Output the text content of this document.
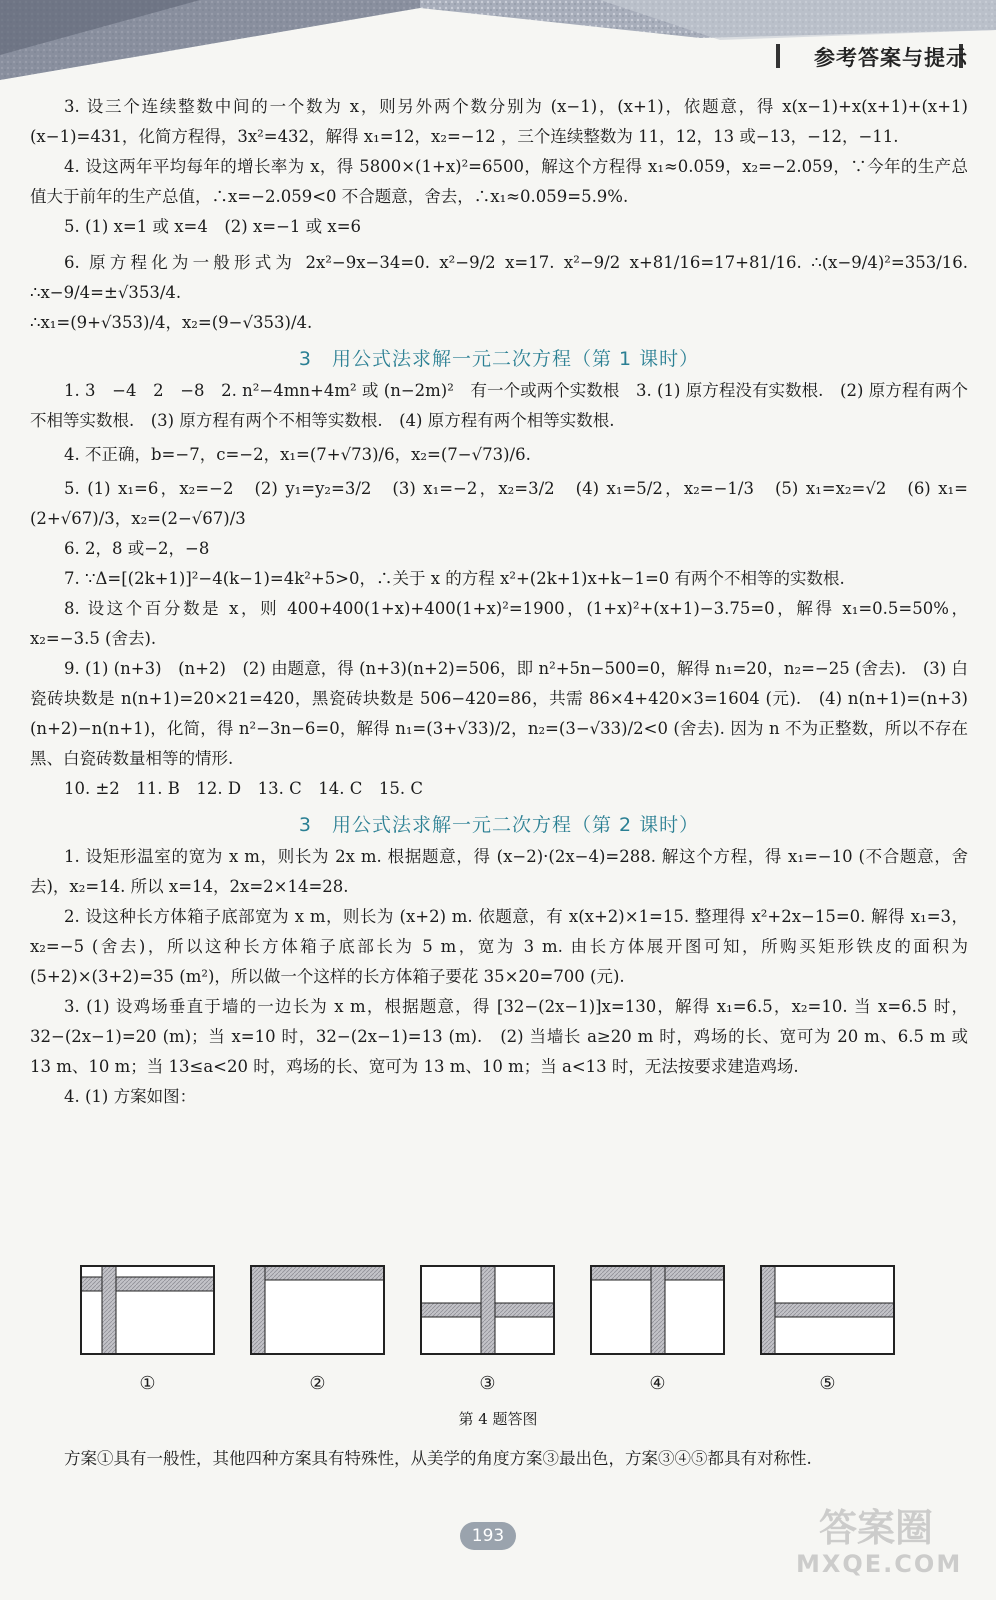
参考答案与提示

3. 设三个连续整数中间的一个数为 x，则另外两个数分别为 (x−1)，(x+1)，依题意，得 x(x−1)+x(x+1)+(x+1)(x−1)=431，化简方程得，3x²=432，解得 x₁=12，x₂=−12 ，三个连续整数为 11，12，13 或−13，−12，−11.

4. 设这两年平均每年的增长率为 x，得 5800×(1+x)²=6500，解这个方程得 x₁≈0.059，x₂=−2.059，∵今年的生产总值大于前年的生产总值，∴x=−2.059<0 不合题意，舍去，∴x₁≈0.059=5.9%.

5. (1) x=1 或 x=4　(2) x=−1 或 x=6

6. 原方程化为一般形式为 2x²−9x−34=0. x²−9/2 x=17. x²−9/2 x+81/16=17+81/16. ∴(x−9/4)²=353/16. ∴x−9/4=±√353/4.

∴x₁=(9+√353)/4，x₂=(9−√353)/4.

3　用公式法求解一元二次方程（第 1 课时）

1. 3　−4　2　−8　2. n²−4mn+4m² 或 (n−2m)²　有一个或两个实数根　3. (1) 原方程没有实数根.　(2) 原方程有两个不相等实数根.　(3) 原方程有两个不相等实数根.　(4) 原方程有两个相等实数根.

4. 不正确，b=−7，c=−2，x₁=(7+√73)/6，x₂=(7−√73)/6.

5. (1) x₁=6，x₂=−2　(2) y₁=y₂=3/2　(3) x₁=−2，x₂=3/2　(4) x₁=5/2，x₂=−1/3　(5) x₁=x₂=√2　(6) x₁=(2+√67)/3，x₂=(2−√67)/3

6. 2，8 或−2，−8

7. ∵Δ=[(2k+1)]²−4(k−1)=4k²+5>0，∴关于 x 的方程 x²+(2k+1)x+k−1=0 有两个不相等的实数根.

8. 设这个百分数是 x，则 400+400(1+x)+400(1+x)²=1900，(1+x)²+(x+1)−3.75=0，解得 x₁=0.5=50%，x₂=−3.5 (舍去).

9. (1) (n+3)　(n+2)　(2) 由题意，得 (n+3)(n+2)=506，即 n²+5n−500=0，解得 n₁=20，n₂=−25 (舍去).　(3) 白瓷砖块数是 n(n+1)=20×21=420，黑瓷砖块数是 506−420=86，共需 86×4+420×3=1604 (元).　(4) n(n+1)=(n+3)(n+2)−n(n+1)，化简，得 n²−3n−6=0，解得 n₁=(3+√33)/2，n₂=(3−√33)/2<0 (舍去). 因为 n 不为正整数，所以不存在黑、白瓷砖数量相等的情形.

10. ±2　11. B　12. D　13. C　14. C　15. C

3　用公式法求解一元二次方程（第 2 课时）

1. 设矩形温室的宽为 x m，则长为 2x m. 根据题意，得 (x−2)·(2x−4)=288. 解这个方程，得 x₁=−10 (不合题意，舍去)，x₂=14. 所以 x=14，2x=2×14=28.

2. 设这种长方体箱子底部宽为 x m，则长为 (x+2) m. 依题意，有 x(x+2)×1=15. 整理得 x²+2x−15=0. 解得 x₁=3，x₂=−5 (舍去)，所以这种长方体箱子底部长为 5 m，宽为 3 m. 由长方体展开图可知，所购买矩形铁皮的面积为 (5+2)×(3+2)=35 (m²)，所以做一个这样的长方体箱子要花 35×20=700 (元).

3. (1) 设鸡场垂直于墙的一边长为 x m，根据题意，得 [32−(2x−1)]x=130，解得 x₁=6.5，x₂=10. 当 x=6.5 时，32−(2x−1)=20 (m)；当 x=10 时，32−(2x−1)=13 (m).　(2) 当墙长 a≥20 m 时，鸡场的长、宽可为 20 m、6.5 m 或 13 m、10 m；当 13≤a<20 时，鸡场的长、宽可为 13 m、10 m；当 a<13 时，无法按要求建造鸡场.

4. (1) 方案如图：

①	②	③	④	⑤
第 4 题答图
方案①具有一般性，其他四种方案具有特殊性，从美学的角度方案③最出色，方案③④⑤都具有对称性.
193	答案圈
MXQE.COM
